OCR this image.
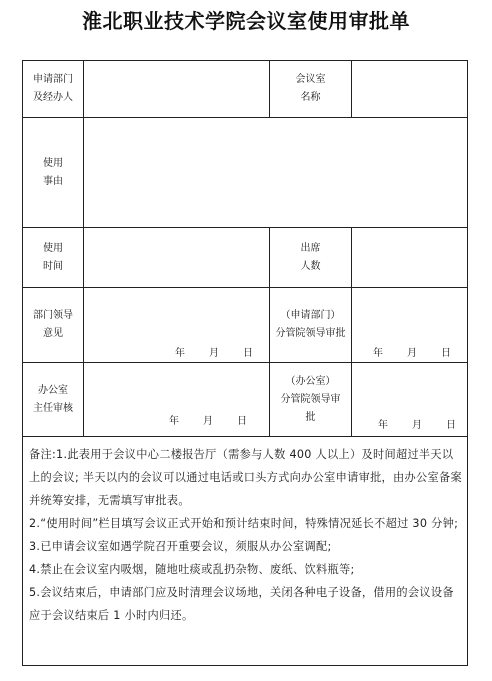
淮北职业技术学院会议室使用审批单
申请部门
及经办人
会议室
名称
使用
事由
使用
时间
出席
人数
部门领导
意见
年 月 日
（申请部门）
分管院领导审批
年 月 日
办公室
主任审核
年 月 日
（办公室）
分管院领导审
批
年 月 日

备注:1.此表用于会议中心二楼报告厅（需参与人数 400 人以上）及时间超过半天以上的会议; 半天以内的会议可以通过电话或口头方式向办公室申请审批，由办公室备案并统筹安排，无需填写审批表。

2.“使用时间”栏目填写会议正式开始和预计结束时间，特殊情况延长不超过 30 分钟;

3.已申请会议室如遇学院召开重要会议，须服从办公室调配;

4.禁止在会议室内吸烟，随地吐痰或乱扔杂物、废纸、饮料瓶等;

5.会议结束后，申请部门应及时清理会议场地，关闭各种电子设备，借用的会议设备应于会议结束后 1 小时内归还。
